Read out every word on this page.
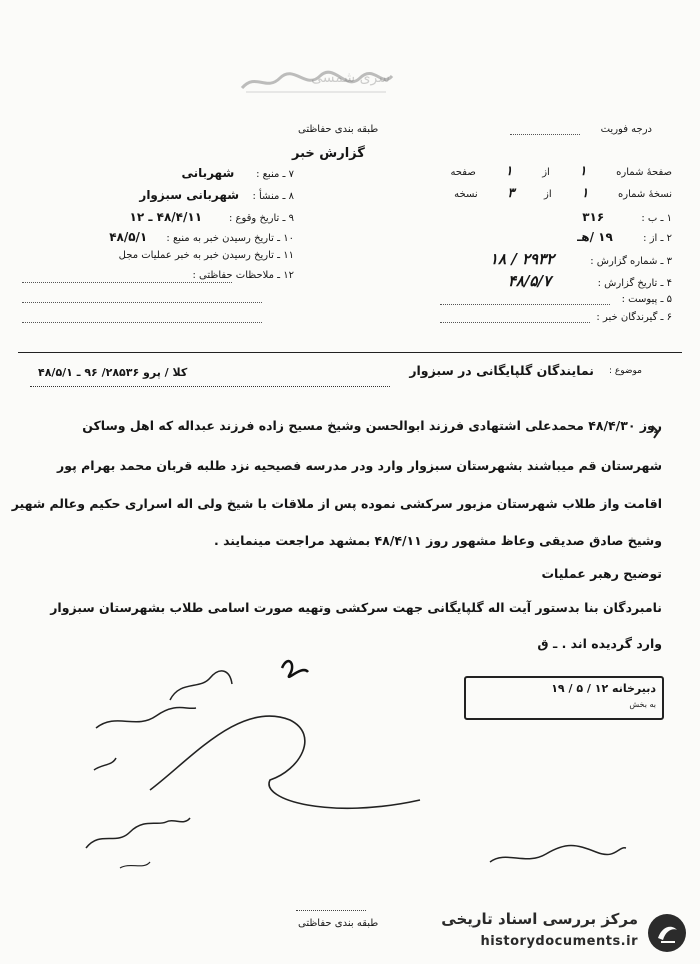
سری شمسی
طبقه بندی حفاظتی	درجه فوریت
گزارش خبر
صفحهٔ شماره ۱ از ۱ صفحه
نسخهٔ شماره ۱ از ۳ نسخه
۱ ـ ب : ۳۱۶
۲ ـ از : ۱۹ /هـ
۳ ـ شماره گزارش : ۲۹۳۲ / ۱۸
۴ ـ تاریخ گزارش : ۴۸/۵/۷
۵ ـ پیوست :
۶ ـ گیرندگان خبر :
۷ ـ منبع : شهربانی
۸ ـ منشأ : شهربانی سبزوار
۹ ـ تاریخ وقوع : ۴۸/۴/۱۱ ـ ۱۲
۱۰ ـ تاریخ رسیدن خبر به منبع : ۴۸/۵/۱
۱۱ ـ تاریخ رسیدن خبر به خبر عملیات مجل
۱۲ ـ ملاحظات حفاظتی :
موضوع :
نمایندگان گلپایگانی در سبزوار
کلا / پرو ۲۸۵۳۶/ ۹۶ ـ ۴۸/۵/۱
روز ۴۸/۴/۳۰ محمدعلی اشتهادی فرزند ابوالحسن وشیخ مسیح زاده فرزند عبداله که اهل وساکن
شهرستان قم میباشند بشهرستان سبزوار وارد ودر مدرسه فصیحیه نزد طلبه قربان محمد بهرام پور
اقامت واز طلاب شهرستان مزبور سرکشی نموده پس از ملاقات با شیخ ولی اله اسراری حکیم وعالم شهیر
وشیخ صادق صدیقی وعاظ مشهور روز ۴۸/۴/۱۱ بمشهد مراجعت مینمایند .
توضیح رهبر عملیات
نامبردگان بنا بدستور آیت اله گلپایگانی جهت سرکشی وتهیه صورت اسامی طلاب بشهرستان سبزوار
وارد گردیده اند . ـ ق
دبیرخانه ۱۲ / ۵ / ۱۹
به بخش
طبقه بندی حفاظتی	مرکز بررسی اسناد تاریخی
historydocuments.ir
